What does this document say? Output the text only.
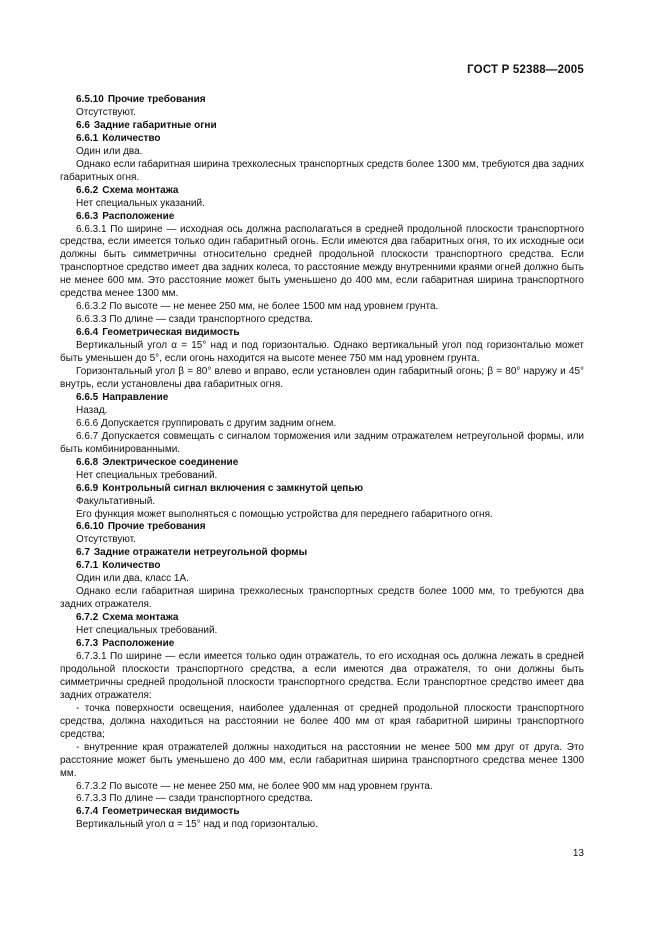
ГОСТ Р 52388—2005

6.5.10 Прочие требования

Отсутствуют.

6.6 Задние габаритные огни

6.6.1 Количество

Один или два.

Однако если габаритная ширина трехколесных транспортных средств более 1300 мм, требуются два задних габаритных огня.

6.6.2 Схема монтажа

Нет специальных указаний.

6.6.3 Расположение

6.6.3.1 По ширине — исходная ось должна располагаться в средней продольной плоскости транспортного средства, если имеется только один габаритный огонь. Если имеются два габаритных огня, то их исходные оси должны быть симметричны относительно средней продольной плоскости транспортного средства. Если транспортное средство имеет два задних колеса, то расстояние между внутренними краями огней должно быть не менее 600 мм. Это расстояние может быть уменьшено до 400 мм, если габаритная ширина транспортного средства менее 1300 мм.

6.6.3.2 По высоте — не менее 250 мм, не более 1500 мм над уровнем грунта.

6.6.3.3 По длине — сзади транспортного средства.

6.6.4 Геометрическая видимость

Вертикальный угол α = 15° над и под горизонталью. Однако вертикальный угол под горизонталью может быть уменьшен до 5°, если огонь находится на высоте менее 750 мм над уровнем грунта.

Горизонтальный угол β = 80° влево и вправо, если установлен один габаритный огонь; β = 80° наружу и 45° внутрь, если установлены два габаритных огня.

6.6.5 Направление

Назад.

6.6.6 Допускается группировать с другим задним огнем.

6.6.7 Допускается совмещать с сигналом торможения или задним отражателем нетреугольной формы, или быть комбинированными.

6.6.8 Электрическое соединение

Нет специальных требований.

6.6.9 Контрольный сигнал включения с замкнутой цепью

Факультативный.

Его функция может выполняться с помощью устройства для переднего габаритного огня.

6.6.10 Прочие требования

Отсутствуют.

6.7 Задние отражатели нетреугольной формы

6.7.1 Количество

Один или два, класс 1А.

Однако если габаритная ширина трехколесных транспортных средств более 1000 мм, то требуются два задних отражателя.

6.7.2 Схема монтажа

Нет специальных требований.

6.7.3 Расположение

6.7.3.1 По ширине — если имеется только один отражатель, то его исходная ось должна лежать в средней продольной плоскости транспортного средства, а если имеются два отражателя, то они должны быть симметричны средней продольной плоскости транспортного средства. Если транспортное средство имеет два задних отражателя:

- точка поверхности освещения, наиболее удаленная от средней продольной плоскости транспортного средства, должна находиться на расстоянии не более 400 мм от края габаритной ширины транспортного средства;

- внутренние края отражателей должны находиться на расстоянии не менее 500 мм друг от друга. Это расстояние может быть уменьшено до 400 мм, если габаритная ширина транспортного средства менее 1300 мм.

6.7.3.2 По высоте — не менее 250 мм, не более 900 мм над уровнем грунта.

6.7.3.3 По длине — сзади транспортного средства.

6.7.4 Геометрическая видимость

Вертикальный угол α = 15° над и под горизонталью.

13
